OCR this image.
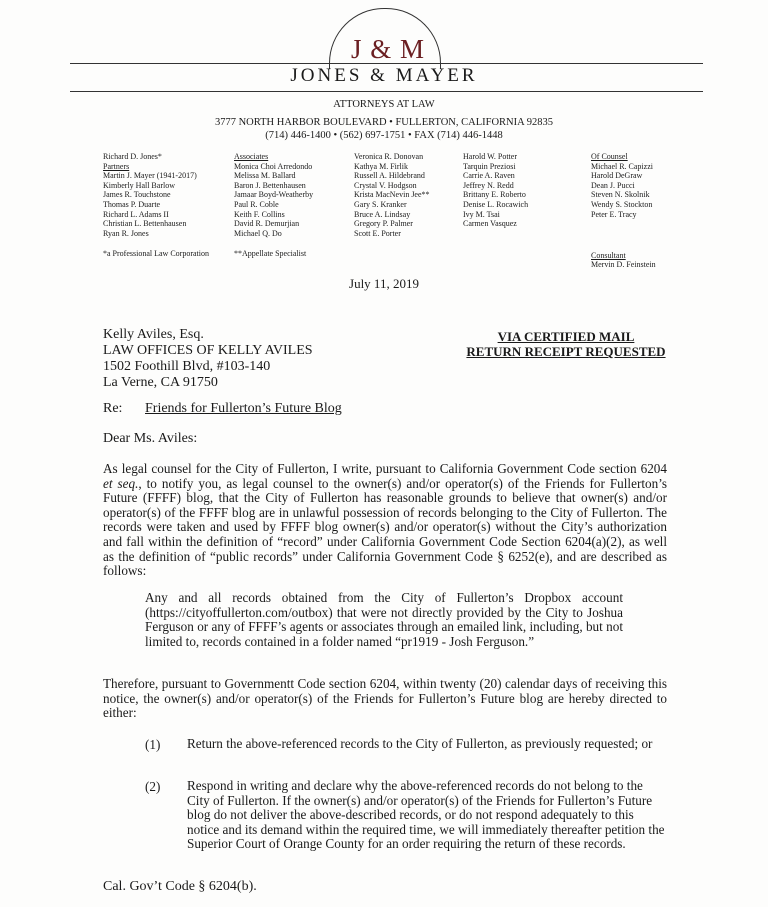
J & M
JONES & MAYER
ATTORNEYS AT LAW
3777 NORTH HARBOR BOULEVARD • FULLERTON, CALIFORNIA 92835
(714) 446-1400 • (562) 697-1751 • FAX (714) 446-1448
Richard D. Jones*
Partners
Martin J. Mayer (1941-2017)
Kimberly Hall Barlow
James R. Touchstone
Thomas P. Duarte
Richard L. Adams II
Christian L. Bettenhausen
Ryan R. Jones
Associates
Monica Choi Arredondo
Melissa M. Ballard
Baron J. Bettenhausen
Jamaar Boyd-Weatherby
Paul R. Coble
Keith F. Collins
David R. Demurjian
Michael Q. Do
Veronica R. Donovan
Kathya M. Firlik
Russell A. Hildebrand
Crystal V. Hodgson
Krista MacNevin Jee**
Gary S. Kranker
Bruce A. Lindsay
Gregory P. Palmer
Scott E. Porter
Harold W. Potter
Tarquin Preziosi
Carrie A. Raven
Jeffrey N. Redd
Brittany E. Roberto
Denise L. Rocawich
Ivy M. Tsai
Carmen Vasquez
Of Counsel
Michael R. Capizzi
Harold DeGraw
Dean J. Pucci
Steven N. Skolnik
Wendy S. Stockton
Peter E. Tracy
*a Professional Law Corporation	**Appellate Specialist	Consultant
Mervin D. Feinstein
July 11, 2019
Kelly Aviles, Esq.
LAW OFFICES OF KELLY AVILES
1502 Foothill Blvd, #103-140
La Verne, CA 91750
VIA CERTIFIED MAIL
RETURN RECEIPT REQUESTED
Re: Friends for Fullerton’s Future Blog
Dear Ms. Aviles:
As legal counsel for the City of Fullerton, I write, pursuant to California Government Code section 6204 et seq., to notify you, as legal counsel to the owner(s) and/or operator(s) of the Friends for Fullerton’s Future (FFFF) blog, that the City of Fullerton has reasonable grounds to believe that owner(s) and/or operator(s) of the FFFF blog are in unlawful possession of records belonging to the City of Fullerton. The records were taken and used by FFFF blog owner(s) and/or operator(s) without the City’s authorization and fall within the definition of “record” under California Government Code Section 6204(a)(2), as well as the definition of “public records” under California Government Code § 6252(e), and are described as follows:
Any and all records obtained from the City of Fullerton’s Dropbox account (https://cityoffullerton.com/outbox) that were not directly provided by the City to Joshua Ferguson or any of FFFF’s agents or associates through an emailed link, including, but not limited to, records contained in a folder named “pr1919 - Josh Ferguson.”
Therefore, pursuant to Governmentt Code section 6204, within twenty (20) calendar days of receiving this notice, the owner(s) and/or operator(s) of the Friends for Fullerton’s Future blog are hereby directed to either:
(1) Return the above-referenced records to the City of Fullerton, as previously requested; or
(2) Respond in writing and declare why the above-referenced records do not belong to the City of Fullerton. If the owner(s) and/or operator(s) of the Friends for Fullerton’s Future blog do not deliver the above-described records, or do not respond adequately to this notice and its demand within the required time, we will immediately thereafter petition the Superior Court of Orange County for an order requiring the return of these records.
Cal. Gov’t Code § 6204(b).
